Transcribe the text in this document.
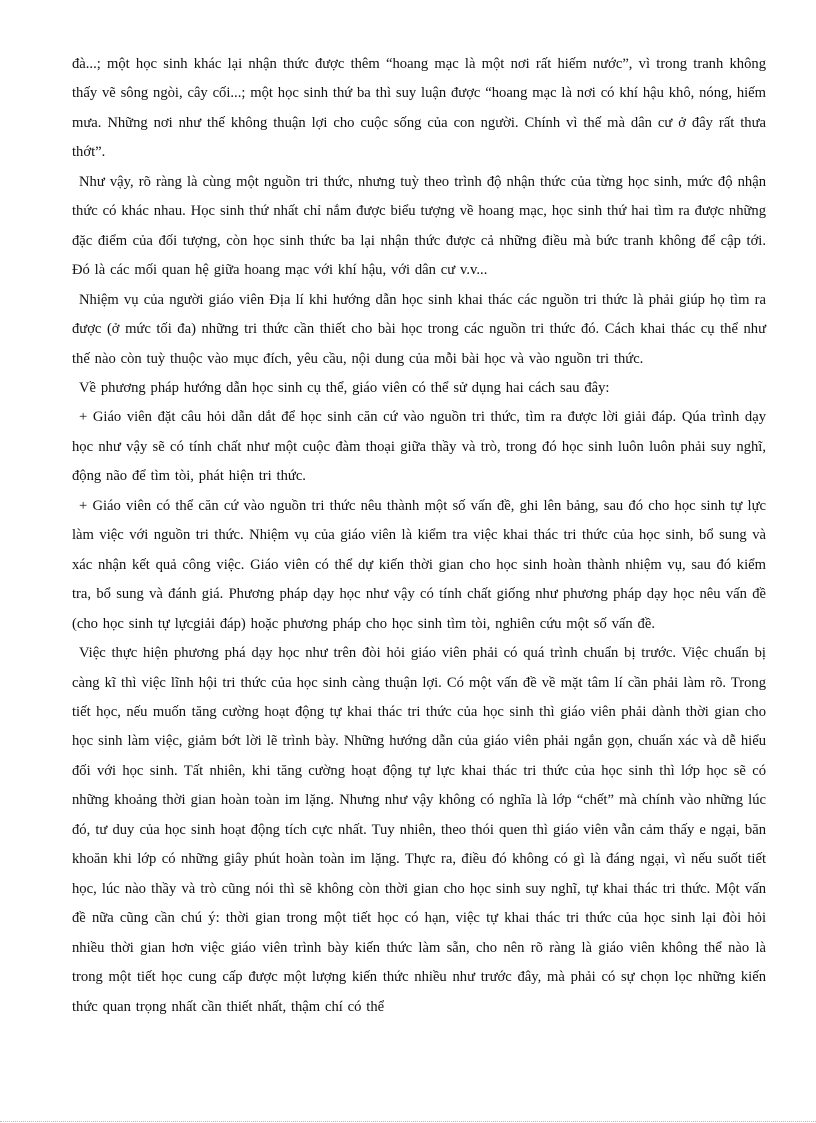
đà...; một học sinh khác lại nhận thức được thêm “hoang mạc là một nơi rất hiếm nước”, vì trong tranh không thấy vẽ sông ngòi, cây cối...; một học sinh thứ ba thì suy luận được “hoang mạc là nơi có khí hậu khô, nóng, hiếm mưa. Những nơi như thế không thuận lợi cho cuộc sống của con người. Chính vì thế mà dân cư ở đây rất thưa thớt”.

Như vậy, rõ ràng là cùng một nguồn tri thức, nhưng tuỳ theo trình độ nhận thức của từng học sinh, mức độ nhận thức có khác nhau. Học sinh thứ nhất chỉ nắm được biểu tượng về hoang mạc, học sinh thứ hai tìm ra được những đặc điểm của đối tượng, còn học sinh thức ba lại nhận thức được cả những điều mà bức tranh không để cập tới. Đó là các mối quan hệ giữa hoang mạc với khí hậu, với dân cư v.v...

Nhiệm vụ của người giáo viên Địa lí khi hướng dẫn học sinh khai thác các nguồn tri thức là phải giúp họ tìm ra được (ở mức tối đa) những tri thức cần thiết cho bài học trong các nguồn tri thức đó. Cách khai thác cụ thể như thế nào còn tuỳ thuộc vào mục đích, yêu cầu, nội dung của mỗi bài học và vào nguồn tri thức.

Về phương pháp hướng dẫn học sinh cụ thể, giáo viên có thể sử dụng hai cách sau đây:

+ Giáo viên đặt câu hỏi dẫn dắt để học sinh căn cứ vào nguồn tri thức, tìm ra được lời giải đáp. Qúa trình dạy học như vậy sẽ có tính chất như một cuộc đàm thoại giữa thầy và trò, trong đó học sinh luôn luôn phải suy nghĩ, động não để tìm tòi, phát hiện tri thức.

+ Giáo viên có thể căn cứ vào nguồn tri thức nêu thành một số vấn đề, ghi lên bảng, sau đó cho học sinh tự lực làm việc với nguồn tri thức. Nhiệm vụ của giáo viên là kiểm tra việc khai thác tri thức của học sinh, bổ sung và xác nhận kết quả công việc. Giáo viên có thể dự kiến thời gian cho học sinh hoàn thành nhiệm vụ, sau đó kiểm tra, bổ sung và đánh giá. Phương pháp dạy học như vậy có tính chất giống như phương pháp dạy học nêu vấn đề (cho học sinh tự lựcgiải đáp) hoặc phương pháp cho học sinh tìm tòi, nghiên cứu một số vấn đề.

Việc thực hiện phương phá dạy học như trên đòi hỏi giáo viên phải có quá trình chuẩn bị trước. Việc chuẩn bị càng kĩ thì việc lĩnh hội tri thức của học sinh càng thuận lợi. Có một vấn đề về mặt tâm lí cần phải làm rõ. Trong tiết học, nếu muốn tăng cường hoạt động tự khai thác tri thức của học sinh thì giáo viên phải dành thời gian cho học sinh làm việc, giảm bớt lời lẽ trình bày. Những hướng dẫn của giáo viên phải ngắn gọn, chuẩn xác và dễ hiểu đối với học sinh. Tất nhiên, khi tăng cường hoạt động tự lực khai thác tri thức của học sinh thì lớp học sẽ có những khoảng thời gian hoàn toàn im lặng. Nhưng như vậy không có nghĩa là lớp “chết” mà chính vào những lúc đó, tư duy của học sinh hoạt động tích cực nhất. Tuy nhiên, theo thói quen thì giáo viên vẫn cảm thấy e ngại, băn khoăn khi lớp có những giây phút hoàn toàn im lặng. Thực ra, điều đó không có gì là đáng ngại, vì nếu suốt tiết học, lúc nào thầy và trò cũng nói thì sẽ không còn thời gian cho học sinh suy nghĩ, tự khai thác tri thức. Một vấn đề nữa cũng cần chú ý: thời gian trong một tiết học có hạn, việc tự khai thác tri thức của học sinh lại đòi hỏi nhiều thời gian hơn việc giáo viên trình bày kiến thức làm sẵn, cho nên rõ ràng là giáo viên không thể nào là trong một tiết học cung cấp được một lượng kiến thức nhiều như trước đây, mà phải có sự chọn lọc những kiến thức quan trọng nhất cần thiết nhất, thậm chí có thể
